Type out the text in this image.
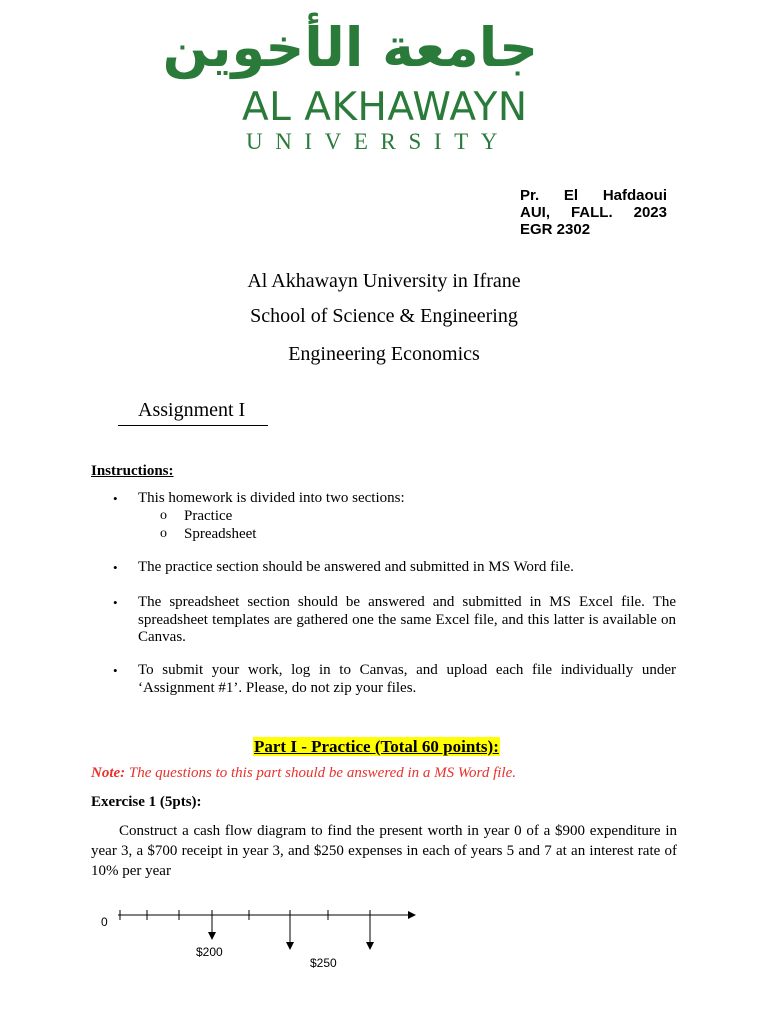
جامعة الأخوين
AL AKHAWAYN
UNIVERSITY
Pr. El Hafdaoui
AUI, FALL. 2023
EGR 2302
Al Akhawayn University in Ifrane
School of Science & Engineering
Engineering Economics
Assignment I
Instructions:
• This homework is divided into two sections:
o Practice
o Spreadsheet
• The practice section should be answered and submitted in MS Word file.
• The spreadsheet section should be answered and submitted in MS Excel file. The spreadsheet templates are gathered one the same Excel file, and this latter is available on Canvas.
• To submit your work, log in to Canvas, and upload each file individually under ‘Assignment #1’. Please, do not zip your files.
Part I - Practice (Total 60 points):
Note: The questions to this part should be answered in a MS Word file.
Exercise 1 (5pts):
Construct a cash flow diagram to find the present worth in year 0 of a $900 expenditure in year 3, a $700 receipt in year 3, and $250 expenses in each of years 5 and 7 at an interest rate of 10% per year
0
$200
$250
